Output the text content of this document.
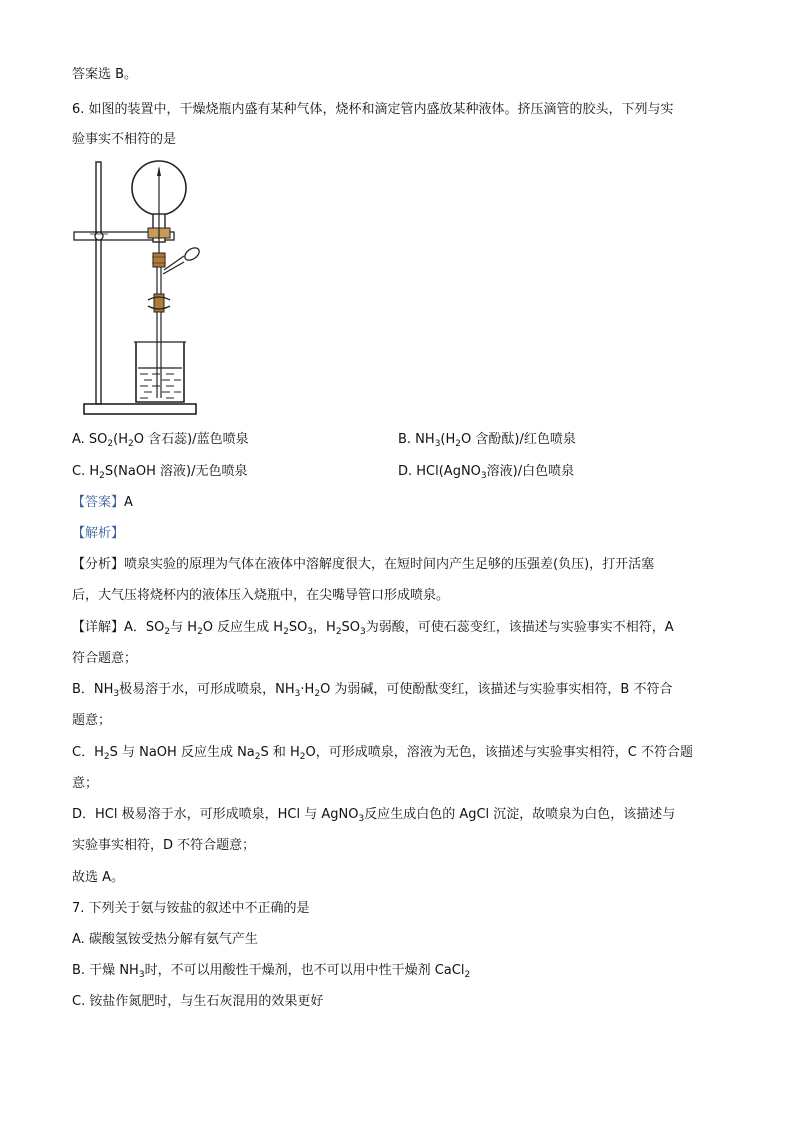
答案选 B。
6. 如图的装置中，干燥烧瓶内盛有某种气体，烧杯和滴定管内盛放某种液体。挤压滴管的胶头，下列与实
验事实不相符的是
A. $SO_2(H_2O$ 含石蕊)/蓝色喷泉	B. $NH_3(H_2O$ 含酚酞)/红色喷泉
C. $H_2S(NaOH$ 溶液)/无色喷泉	D. HCl(AgNO$_3$溶液)/白色喷泉
【答案】A
【解析】
【分析】喷泉实验的原理为气体在液体中溶解度很大，在短时间内产生足够的压强差(负压)，打开活塞
后，大气压将烧杯内的液体压入烧瓶中，在尖嘴导管口形成喷泉。
【详解】A．$SO_2$与 $H_2O$ 反应生成 $H_2SO_3$，$H_2SO_3$为弱酸，可使石蕊变红，该描述与实验事实不相符，A
符合题意；
B．$NH_3$极易溶于水，可形成喷泉，$NH_3\cdot H_2O$ 为弱碱，可使酚酞变红，该描述与实验事实相符，B 不符合
题意；
C．$H_2S$ 与 NaOH 反应生成 $Na_2S$ 和 $H_2O$，可形成喷泉，溶液为无色，该描述与实验事实相符，C 不符合题
意；
D．HCl 极易溶于水，可形成喷泉，HCl 与 AgNO$_3$反应生成白色的 AgCl 沉淀，故喷泉为白色，该描述与
实验事实相符，D 不符合题意；
故选 A。
7. 下列关于氨与铵盐的叙述中不正确的是
A. 碳酸氢铵受热分解有氨气产生
B. 干燥 $NH_3$时，不可以用酸性干燥剂，也不可以用中性干燥剂 CaCl$_2$
C. 铵盐作氮肥时，与生石灰混用的效果更好
